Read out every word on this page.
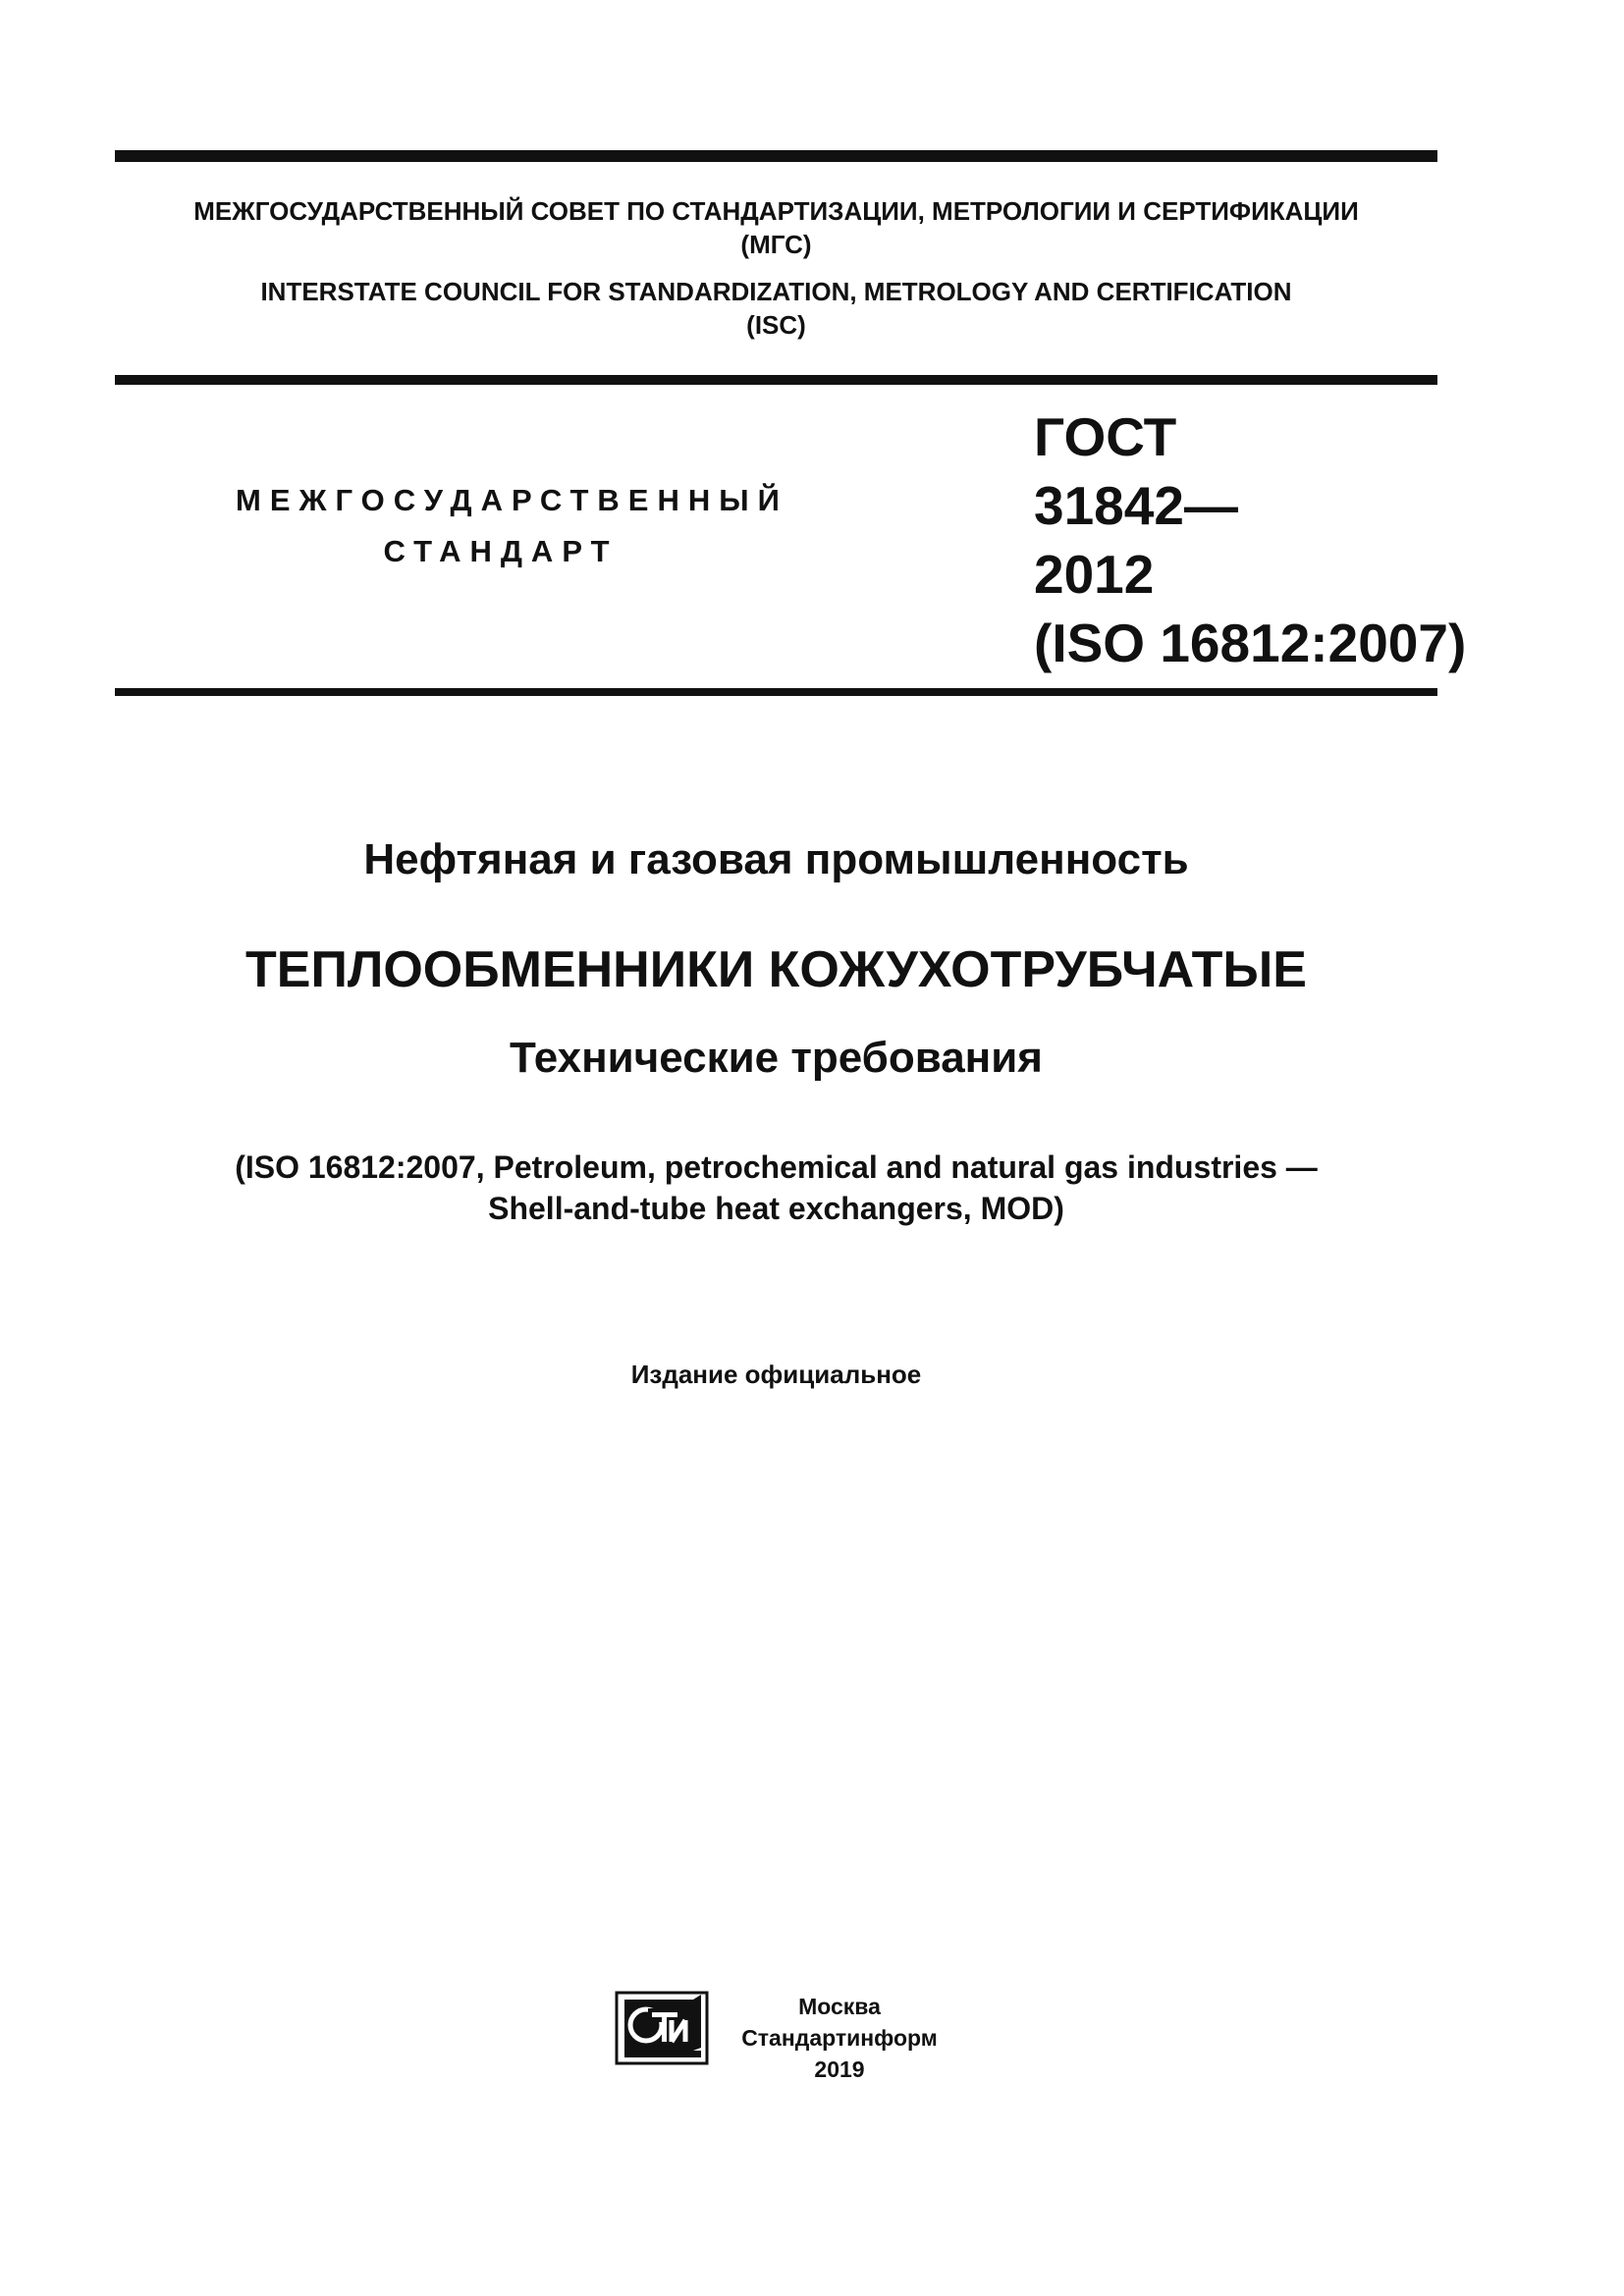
МЕЖГОСУДАРСТВЕННЫЙ СОВЕТ ПО СТАНДАРТИЗАЦИИ, МЕТРОЛОГИИ И СЕРТИФИКАЦИИ
(МГС)
INTERSTATE COUNCIL FOR STANDARDIZATION, METROLOGY AND CERTIFICATION
(ISC)
МЕЖГОСУДАРСТВЕННЫЙ
СТАНДАРТ
ГОСТ
31842—
2012
(ISO 16812:2007)
Нефтяная и газовая промышленность
ТЕПЛООБМЕННИКИ КОЖУХОТРУБЧАТЫЕ
Технические требования
(ISO 16812:2007, Petroleum, petrochemical and natural gas industries —
Shell-and-tube heat exchangers, MOD)
Издание официальное
Москва
Стандартинформ
2019
